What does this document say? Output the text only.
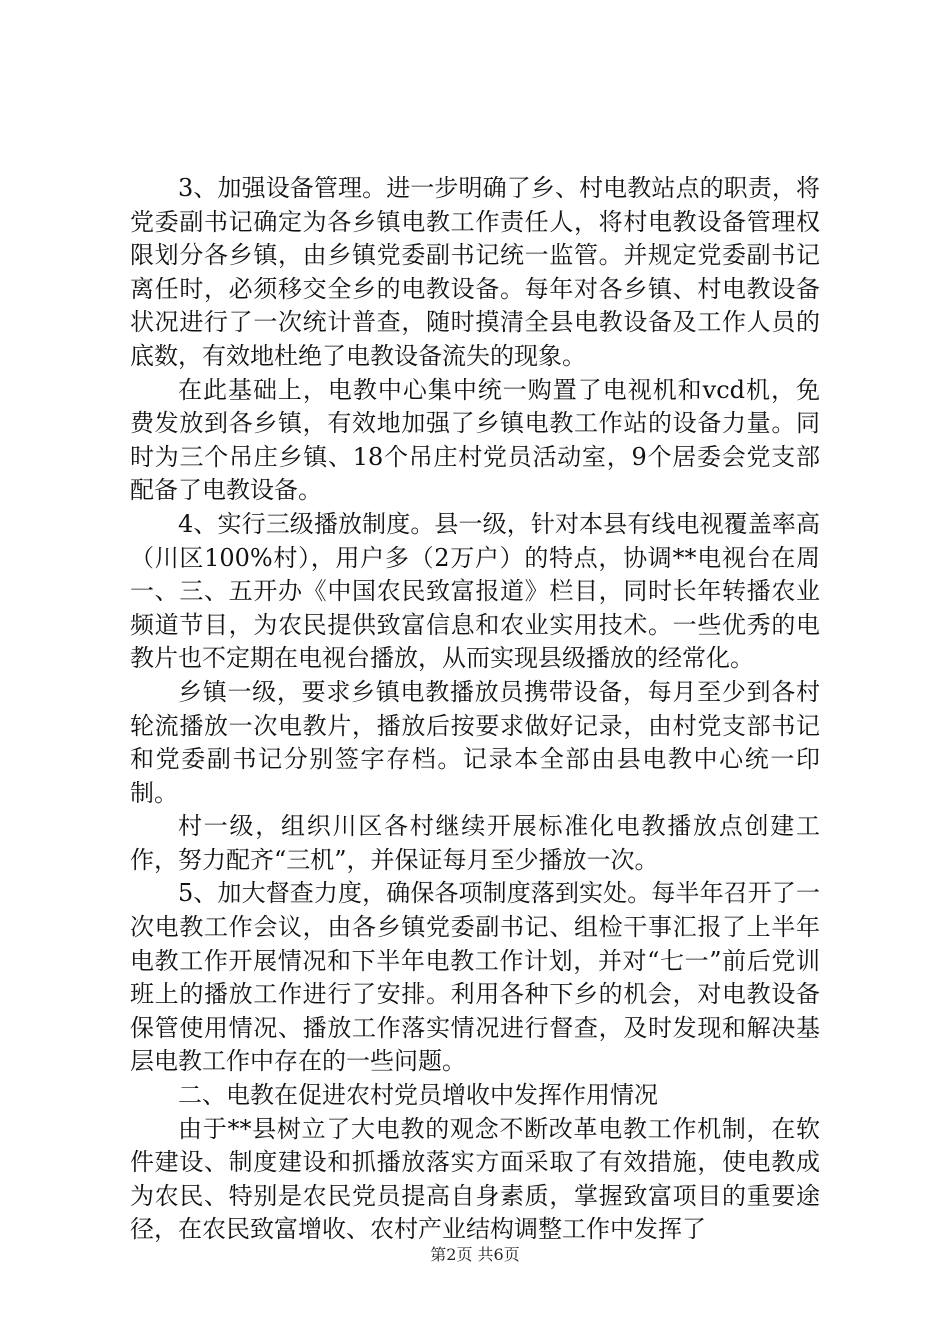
3、加强设备管理。进一步明确了乡、村电教站点的职责，将党委副书记确定为各乡镇电教工作责任人，将村电教设备管理权限划分各乡镇，由乡镇党委副书记统一监管。并规定党委副书记离任时，必须移交全乡的电教设备。每年对各乡镇、村电教设备状况进行了一次统计普查，随时摸清全县电教设备及工作人员的底数，有效地杜绝了电教设备流失的现象。

在此基础上，电教中心集中统一购置了电视机和vcd机，免费发放到各乡镇，有效地加强了乡镇电教工作站的设备力量。同时为三个吊庄乡镇、18个吊庄村党员活动室，9个居委会党支部配备了电教设备。

4、实行三级播放制度。县一级，针对本县有线电视覆盖率高（川区100%村），用户多（2万户）的特点，协调**电视台在周一、三、五开办《中国农民致富报道》栏目，同时长年转播农业频道节目，为农民提供致富信息和农业实用技术。一些优秀的电教片也不定期在电视台播放，从而实现县级播放的经常化。

乡镇一级，要求乡镇电教播放员携带设备，每月至少到各村轮流播放一次电教片，播放后按要求做好记录，由村党支部书记和党委副书记分别签字存档。记录本全部由县电教中心统一印制。

村一级，组织川区各村继续开展标准化电教播放点创建工作，努力配齐“三机”，并保证每月至少播放一次。

5、加大督查力度，确保各项制度落到实处。每半年召开了一次电教工作会议，由各乡镇党委副书记、组检干事汇报了上半年电教工作开展情况和下半年电教工作计划，并对“七一”前后党训班上的播放工作进行了安排。利用各种下乡的机会，对电教设备保管使用情况、播放工作落实情况进行督查，及时发现和解决基层电教工作中存在的一些问题。

二、电教在促进农村党员增收中发挥作用情况

由于**县树立了大电教的观念不断改革电教工作机制，在软件建设、制度建设和抓播放落实方面采取了有效措施，使电教成为农民、特别是农民党员提高自身素质，掌握致富项目的重要途径，在农民致富增收、农村产业结构调整工作中发挥了

第2页 共6页
